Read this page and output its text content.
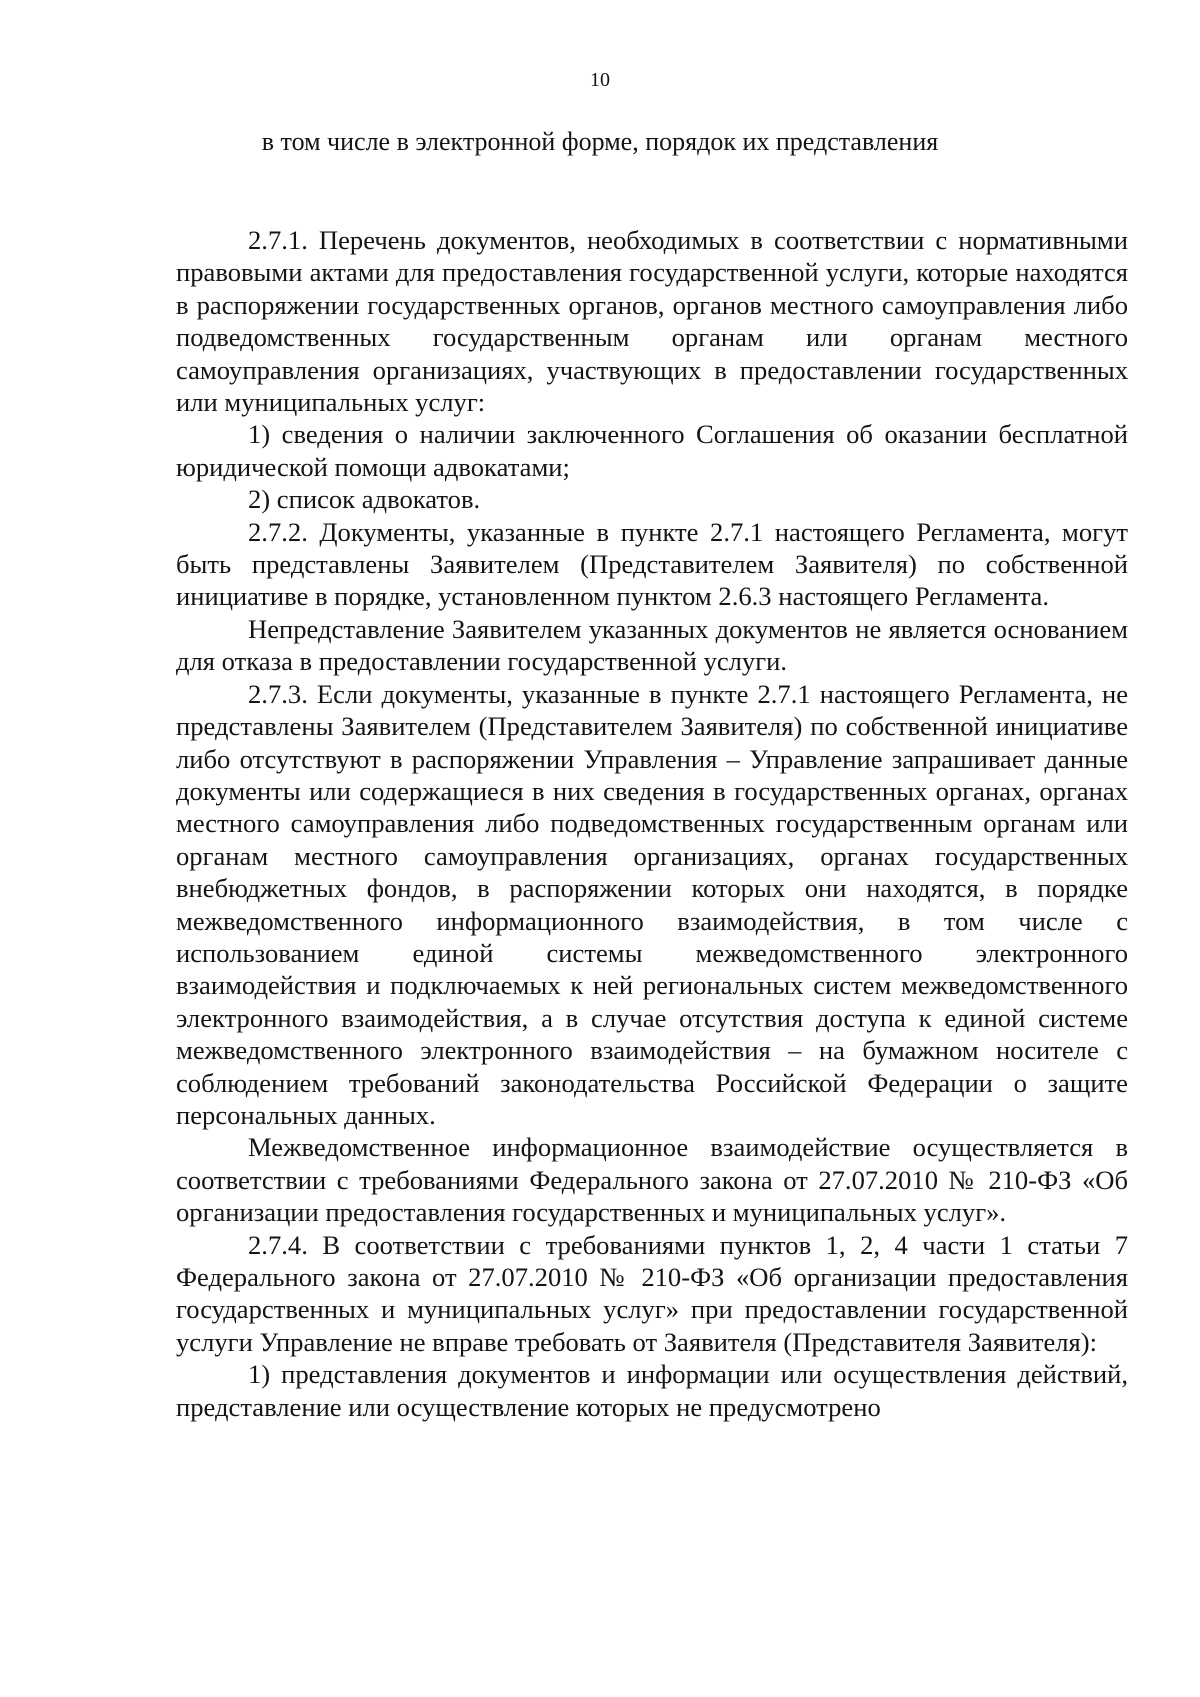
10
в том числе в электронной форме, порядок их представления

2.7.1. Перечень документов, необходимых в соответствии с нормативными правовыми актами для предоставления государственной услуги, которые находятся в распоряжении государственных органов, органов местного самоуправления либо подведомственных государственным органам или органам местного самоуправления организациях, участвующих в предоставлении государственных или муниципальных услуг:

1) сведения о наличии заключенного Соглашения об оказании бесплатной юридической помощи адвокатами;

2) список адвокатов.

2.7.2. Документы, указанные в пункте 2.7.1 настоящего Регламента, могут быть представлены Заявителем (Представителем Заявителя) по собственной инициативе в порядке, установленном пунктом 2.6.3 настоящего Регламента.

Непредставление Заявителем указанных документов не является основанием для отказа в предоставлении государственной услуги.

2.7.3. Если документы, указанные в пункте 2.7.1 настоящего Регламента, не представлены Заявителем (Представителем Заявителя) по собственной инициативе либо отсутствуют в распоряжении Управления – Управление запрашивает данные документы или содержащиеся в них сведения в государственных органах, органах местного самоуправления либо подведомственных государственным органам или органам местного самоуправления организациях, органах государственных внебюджетных фондов, в распоряжении которых они находятся, в порядке межведомственного информационного взаимодействия, в том числе с использованием единой системы межведомственного электронного взаимодействия и подключаемых к ней региональных систем межведомственного электронного взаимодействия, а в случае отсутствия доступа к единой системе межведомственного электронного взаимодействия – на бумажном носителе с соблюдением требований законодательства Российской Федерации о защите персональных данных.

Межведомственное информационное взаимодействие осуществляется в соответствии с требованиями Федерального закона от 27.07.2010 № 210-ФЗ «Об организации предоставления государственных и муниципальных услуг».

2.7.4. В соответствии с требованиями пунктов 1, 2, 4 части 1 статьи 7 Федерального закона от 27.07.2010 № 210-ФЗ «Об организации предоставления государственных и муниципальных услуг» при предоставлении государственной услуги Управление не вправе требовать от Заявителя (Представителя Заявителя):

1) представления документов и информации или осуществления действий, представление или осуществление которых не предусмотрено
